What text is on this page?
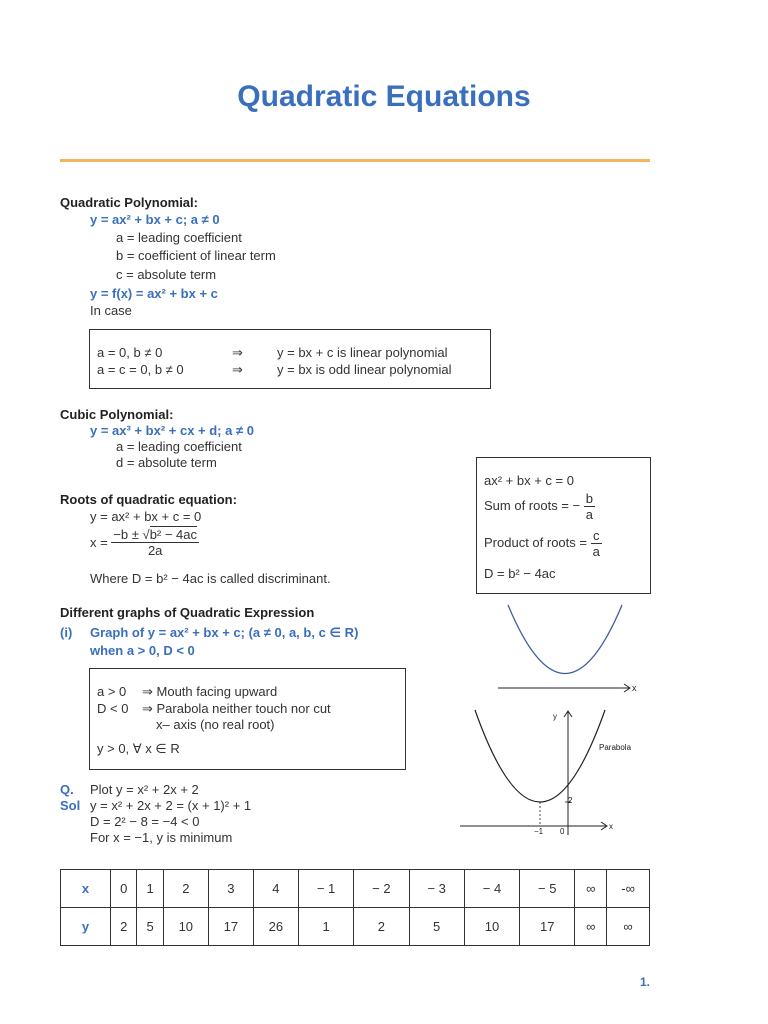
Quadratic Equations
Quadratic Polynomial:
y = ax² + bx + c; a ≠ 0
a = leading coefficient
b = coefficient of linear term
c = absolute term
y = f(x) = ax² + bx + c
In case
a = 0, b ≠ 0	⇒	y = bx + c is linear polynomial
a = c = 0, b ≠ 0	⇒	y = bx is odd linear polynomial
Cubic Polynomial:
y = ax³ + bx² + cx + d; a ≠ 0
a = leading coefficient
d = absolute term
ax² + bx + c = 0
Sum of roots = − $\frac{b}{a}$
Product of roots = $\frac{c}{a}$
D = b² − 4ac
Roots of quadratic equation:
y = ax² + bx + c = 0
$x = \frac{\text{−b ± √b² − 4ac}}{2a}$
Where D = b² − 4ac is called discriminant.
Different graphs of Quadratic Expression
(i) Graph of y = ax² + bx + c; (a ≠ 0, a, b, c ∈ R)
when a > 0, D < 0
a > 0 ⇒ Mouth facing upward
D < 0 ⇒ Parabola neither touch nor cut
x– axis (no real root)
y > 0, ∀ x ∈ R
x
x
y
2
−1 0
Parabola
Q. Plot y = x² + 2x + 2
Sol y = x² + 2x + 2 = (x + 1)² + 1
D = 2² − 8 = −4 < 0
For x = −1, y is minimum
x	0	1	2	3	4	− 1	− 2	− 3	− 4	− 5	∞	-∞
y	2	5	10	17	26	1	2	5	10	17	∞	∞
1.
